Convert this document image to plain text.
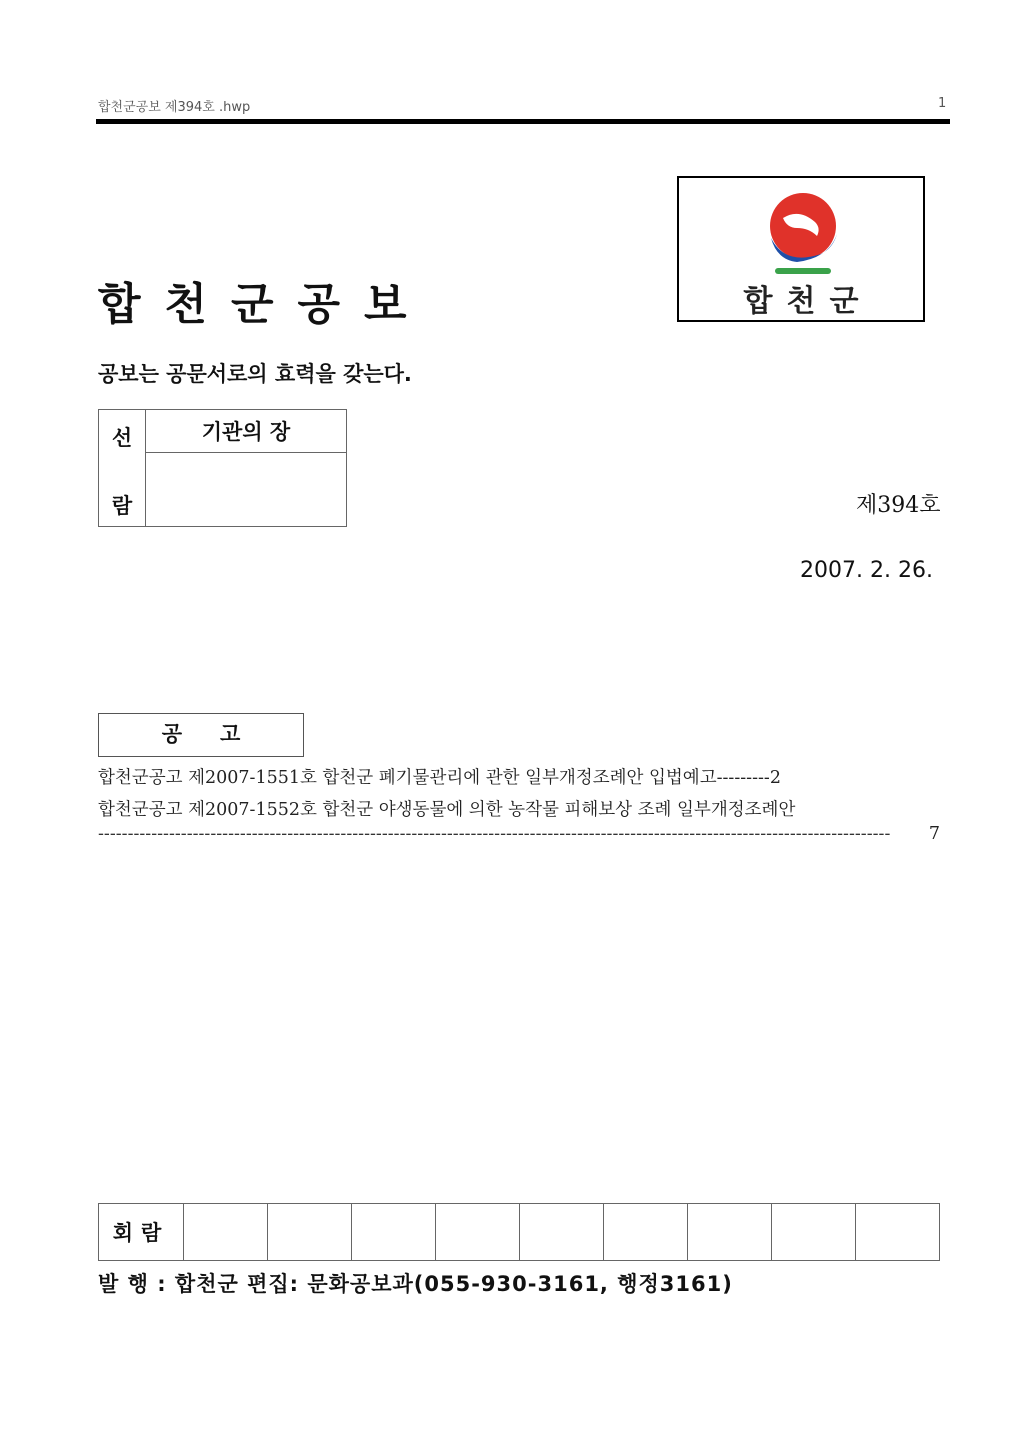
합천군공보 제394호 .hwp	1
합천군공보	합천군
공보는 공문서로의 효력을 갖는다.
선
람
	기관의 장

제394호
2007. 2. 26.
공고
합천군공고 제2007-1551호 합천군 폐기물관리에 관한 일부개정조례안 입법예고---------2
합천군공고 제2007-1552호 합천군 야생동물에 의한 농작물 피해보상 조례 일부개정조례안
--------------------------------------------------------------------------------------------------------------------------------------	7
회람									
발 행 : 합천군 편집: 문화공보과(055-930-3161, 행정3161)
